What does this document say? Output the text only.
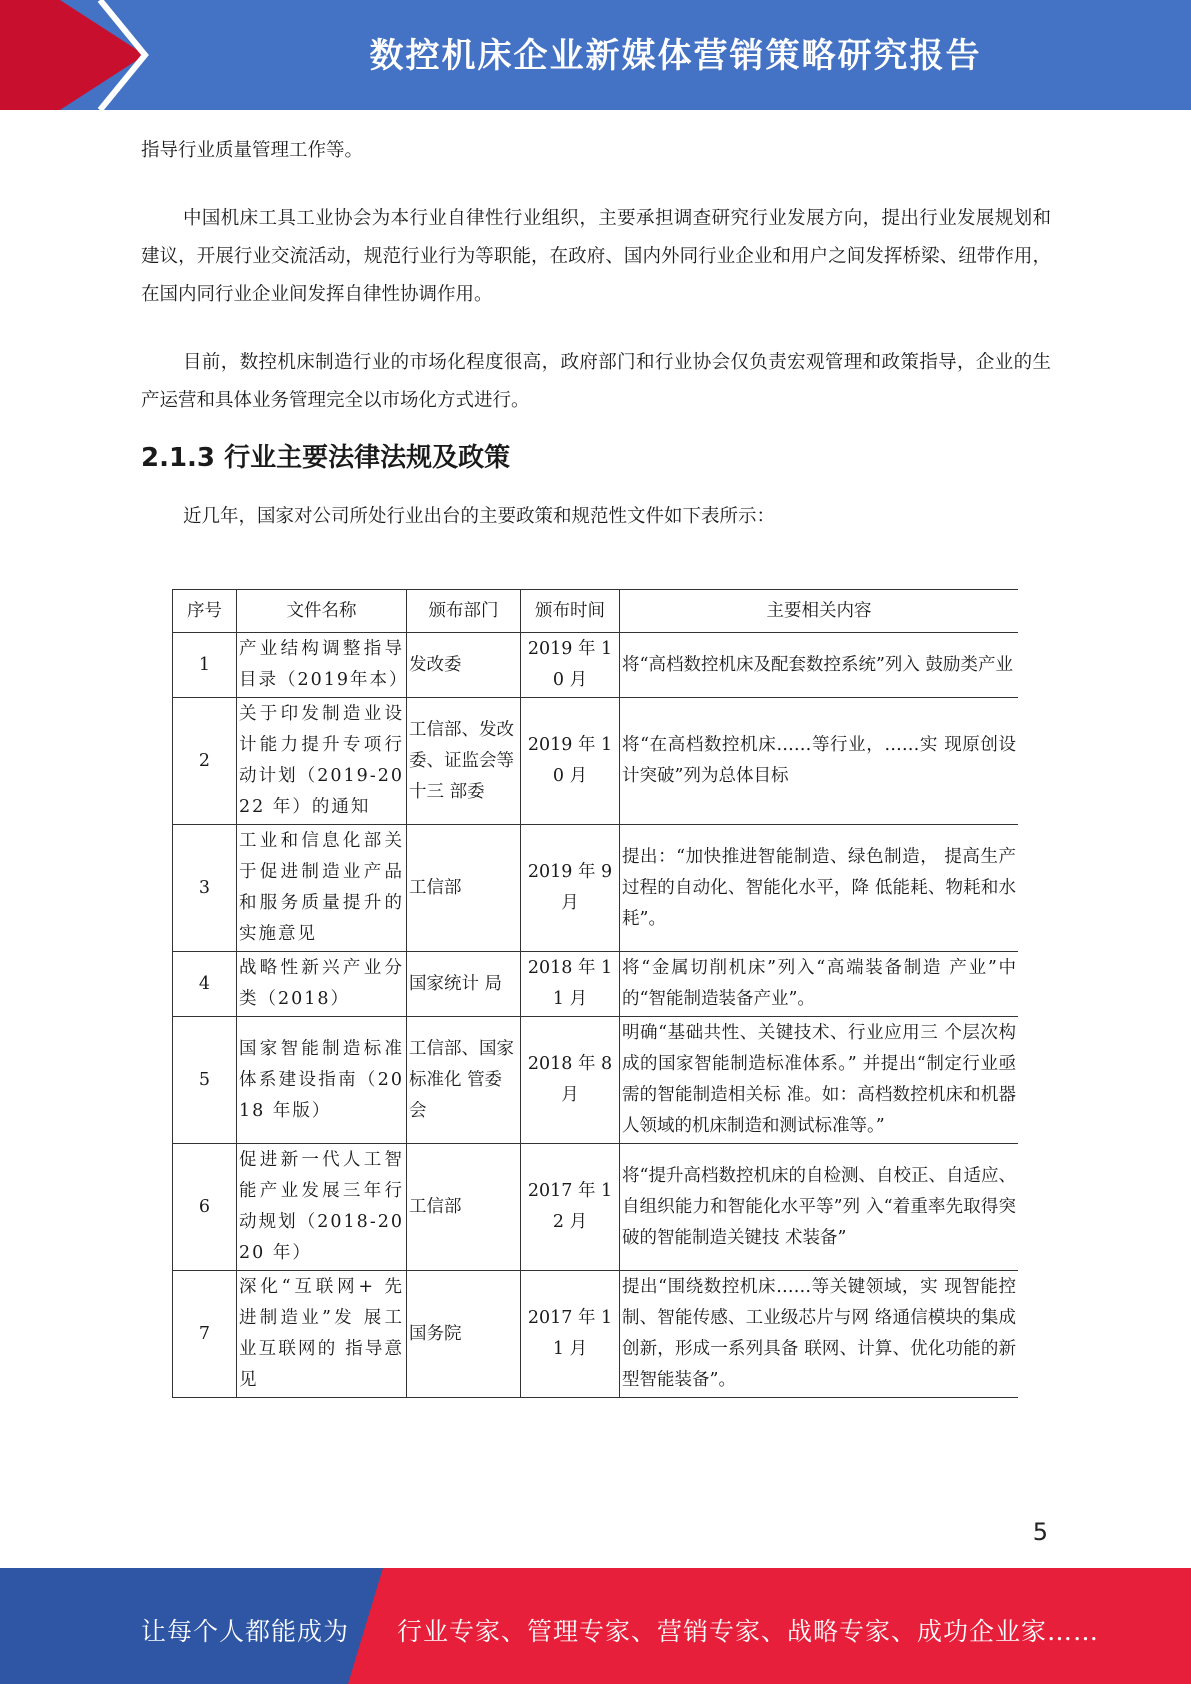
数控机床企业新媒体营销策略研究报告

指导行业质量管理工作等。

中国机床工具工业协会为本行业自律性行业组织，主要承担调查研究行业发展方向，提出行业发展规划和建议，开展行业交流活动，规范行业行为等职能，在政府、国内外同行业企业和用户之间发挥桥梁、纽带作用，在国内同行业企业间发挥自律性协调作用。

目前，数控机床制造行业的市场化程度很高，政府部门和行业协会仅负责宏观管理和政策指导，企业的生产运营和具体业务管理完全以市场化方式进行。

2.1.3 行业主要法律法规及政策

近几年，国家对公司所处行业出台的主要政策和规范性文件如下表所示：

序号	文件名称	颁布部门	颁布时间	主要相关内容
1	产业结构调整指导目录（2019年本）	发改委	2019 年 10 月	将“高档数控机床及配套数控系统”列入 鼓励类产业
2	关于印发制造业设计能力提升专项行动计划（2019-2022 年）的通知	工信部、发改委、证监会等十三 部委	2019 年 10 月	将“在高档数控机床……等行业，……实 现原创设计突破”列为总体目标
3	工业和信息化部关于促进制造业产品和服务质量提升的实施意见	工信部	2019 年 9 月	提出：“加快推进智能制造、绿色制造， 提高生产过程的自动化、智能化水平，降 低能耗、物耗和水耗”。
4	战略性新兴产业分类（2018）	国家统计 局	2018 年 11 月	将“金属切削机床”列入“高端装备制造 产业”中的“智能制造装备产业”。
5	国家智能制造标准体系建设指南（2018 年版）	工信部、国家标准化 管委会	2018 年 8 月	明确“基础共性、关键技术、行业应用三 个层次构成的国家智能制造标准体系。” 并提出“制定行业亟需的智能制造相关标 准。如：高档数控机床和机器人领域的机床制造和测试标准等。”
6	促进新一代人工智能产业发展三年行动规划（2018-2020 年）	工信部	2017 年 12 月	将“提升高档数控机床的自检测、自校正、自适应、自组织能力和智能化水平等”列 入“着重率先取得突破的智能制造关键技 术装备”
7	深化“互联网+ 先进制造业”发 展工业互联网的 指导意见	国务院	2017 年 11 月	提出“围绕数控机床……等关键领域，实 现智能控制、智能传感、工业级芯片与网 络通信模块的集成创新，形成一系列具备 联网、计算、优化功能的新型智能装备”。
5
让每个人都能成为 行业专家、管理专家、营销专家、战略专家、成功企业家……
